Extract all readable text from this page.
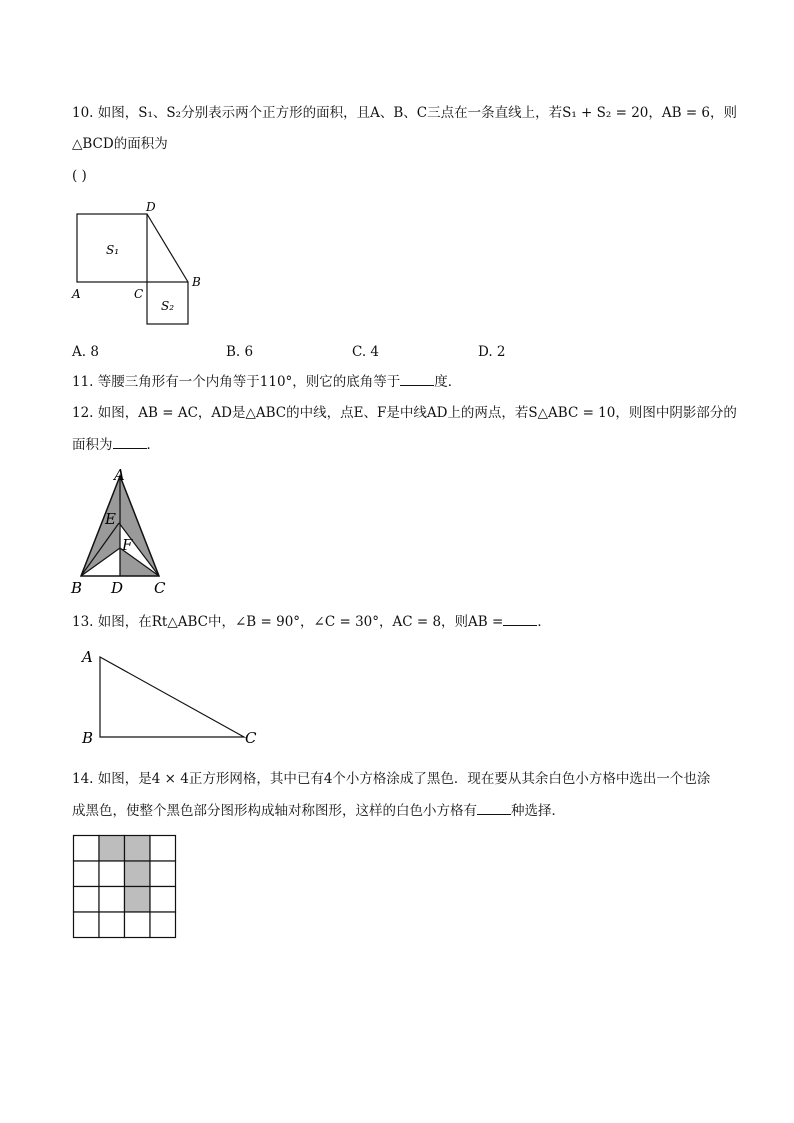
10. 如图，S₁、S₂分别表示两个正方形的面积，且A、B、C三点在一条直线上，若S₁ + S₂ = 20，AB = 6，则
△BCD的面积为
( )
D
A	C
B
S₁
S₂
A. 8	B. 6	C. 4	D. 2
11. 等腰三角形有一个内角等于110°，则它的底角等于	度．
12. 如图，AB = AC，AD是△ABC的中线，点E、F是中线AD上的两点，若S△ABC = 10，则图中阴影部分的
面积为	．
A
E
F
B D C
13. 如图，在Rt△ABC中，∠B = 90°，∠C = 30°，AC = 8，则AB =	．
A
B	C
14. 如图，是4 × 4正方形网格，其中已有4个小方格涂成了黑色．现在要从其余白色小方格中选出一个也涂
成黑色，使整个黑色部分图形构成轴对称图形，这样的白色小方格有	种选择．
